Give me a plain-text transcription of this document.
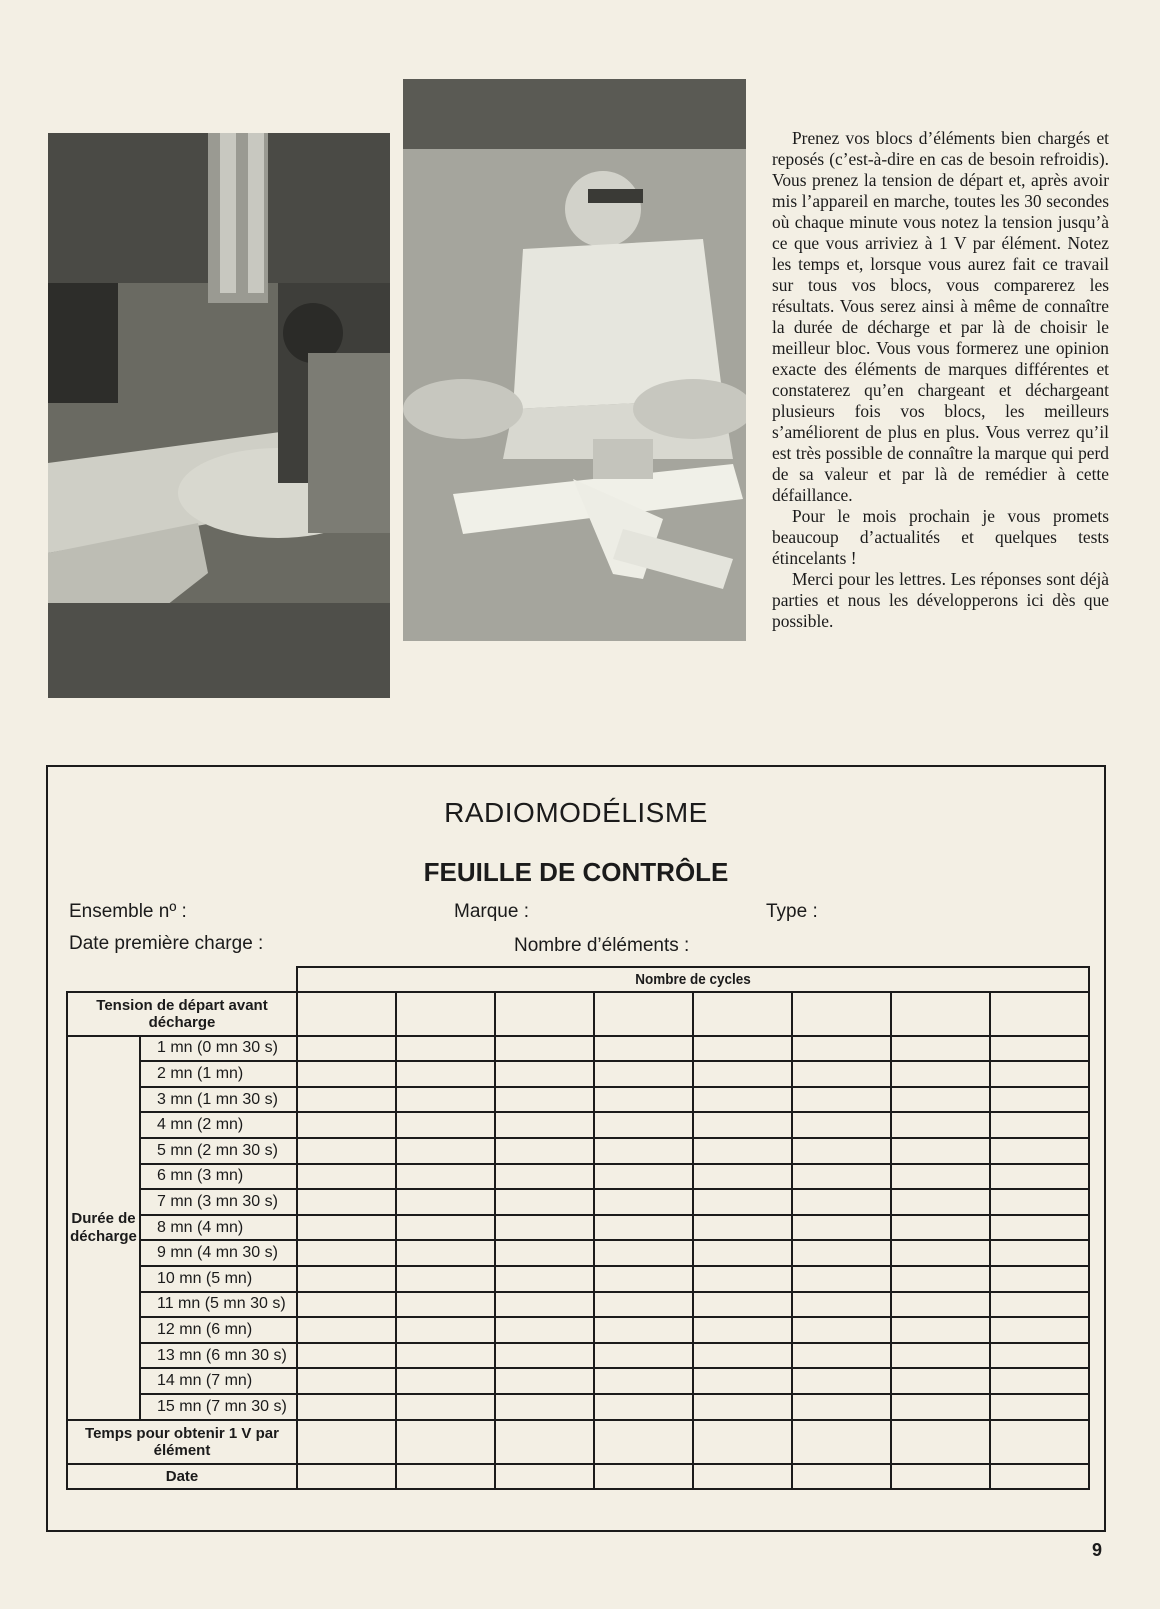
Prenez vos blocs d’éléments bien chargés et reposés (c’est-à-dire en cas de besoin refroidis). Vous prenez la tension de départ et, après avoir mis l’appareil en marche, toutes les 30 secondes où chaque minute vous notez la tension jusqu’à ce que vous arriviez à 1 V par élément. Notez les temps et, lorsque vous aurez fait ce travail sur tous vos blocs, vous comparerez les résultats. Vous serez ainsi à même de connaître la durée de décharge et par là de choisir le meilleur bloc. Vous vous formerez une opinion exacte des éléments de marques différentes et constaterez qu’en chargeant et déchargeant plusieurs fois vos blocs, les meilleurs s’améliorent de plus en plus. Vous verrez qu’il est très possible de connaître la marque qui perd de sa valeur et par là de remédier à cette défaillance.

Pour le mois prochain je vous promets beaucoup d’actualités et quelques tests étincelants !

Merci pour les lettres. Les réponses sont déjà parties et nous les développerons ici dès que possible.

RADIOMODÉLISME
FEUILLE DE CONTRÔLE
Ensemble nº :	Marque :	Type :
Date première charge :	Nombre d’éléments :
		Nombre de cycles							
Tension de départ avant décharge									
Durée de décharge	1 mn (0 mn 30 s)								
	2 mn (1 mn)								
	3 mn (1 mn 30 s)								
	4 mn (2 mn)								
	5 mn (2 mn 30 s)								
	6 mn (3 mn)								
	7 mn (3 mn 30 s)								
	8 mn (4 mn)								
	9 mn (4 mn 30 s)								
	10 mn (5 mn)								
	11 mn (5 mn 30 s)								
	12 mn (6 mn)								
	13 mn (6 mn 30 s)								
	14 mn (7 mn)								
	15 mn (7 mn 30 s)								
Temps pour obtenir 1 V par élément									
Date									
9
